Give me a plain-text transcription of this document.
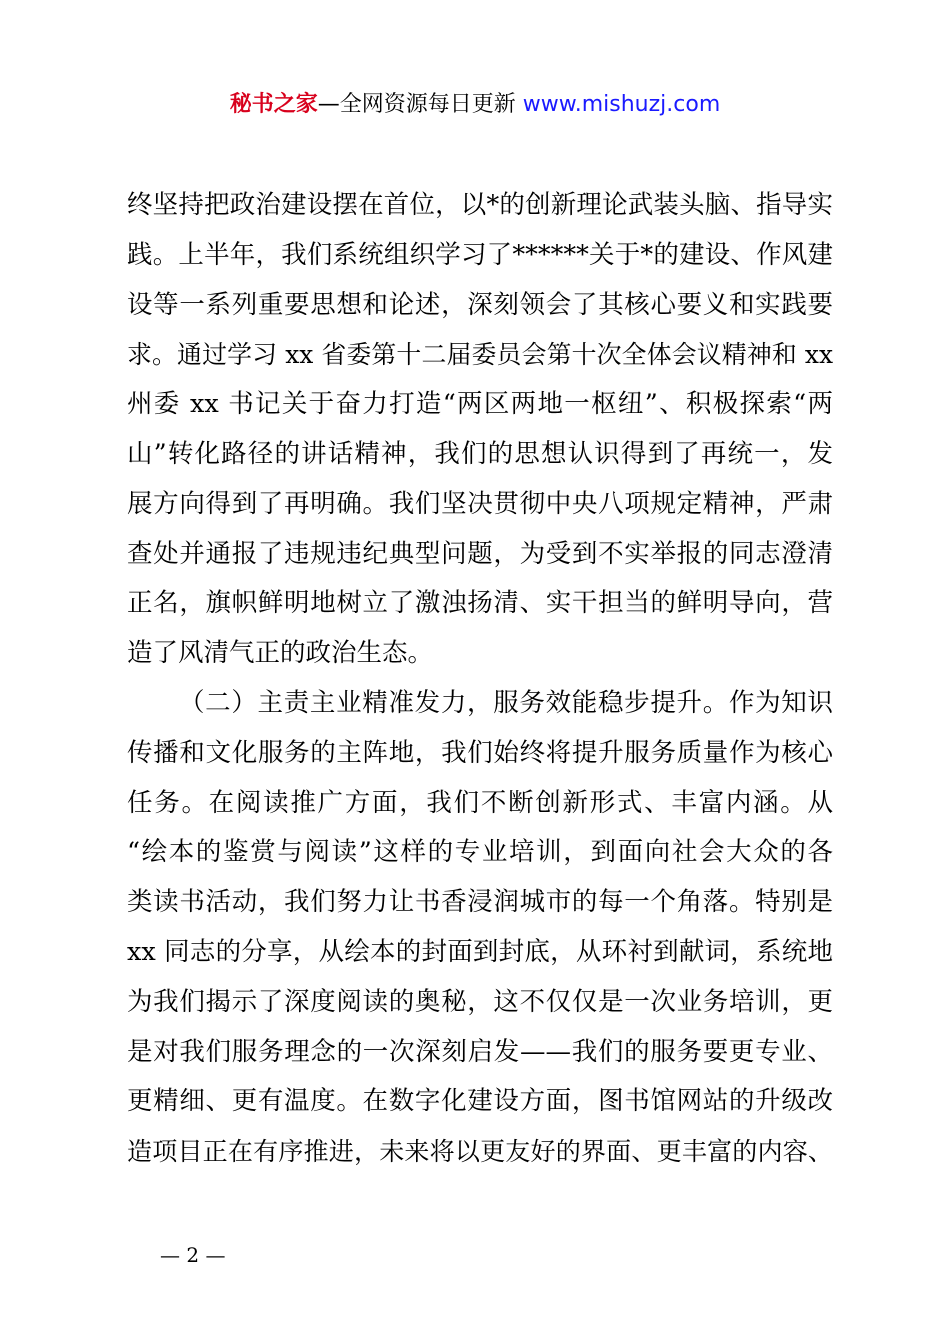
秘书之家—全网资源每日更新 www.mishuzj.com
终坚持把政治建设摆在首位，以*的创新理论武装头脑、指导实
践。上半年，我们系统组织学习了******关于*的建设、作风建
设等一系列重要思想和论述，深刻领会了其核心要义和实践要
求。通过学习 xx 省委第十二届委员会第十次全体会议精神和 xx
州委 xx 书记关于奋力打造“两区两地一枢纽”、积极探索“两
山”转化路径的讲话精神，我们的思想认识得到了再统一，发
展方向得到了再明确。我们坚决贯彻中央八项规定精神，严肃
查处并通报了违规违纪典型问题，为受到不实举报的同志澄清
正名，旗帜鲜明地树立了激浊扬清、实干担当的鲜明导向，营
造了风清气正的政治生态。
（二）主责主业精准发力，服务效能稳步提升。作为知识
传播和文化服务的主阵地，我们始终将提升服务质量作为核心
任务。在阅读推广方面，我们不断创新形式、丰富内涵。从
“绘本的鉴赏与阅读”这样的专业培训，到面向社会大众的各
类读书活动，我们努力让书香浸润城市的每一个角落。特别是
xx 同志的分享，从绘本的封面到封底，从环衬到献词，系统地
为我们揭示了深度阅读的奥秘，这不仅仅是一次业务培训，更
是对我们服务理念的一次深刻启发——我们的服务要更专业、
更精细、更有温度。在数字化建设方面，图书馆网站的升级改
造项目正在有序推进，未来将以更友好的界面、更丰富的内容、
— 2 —
